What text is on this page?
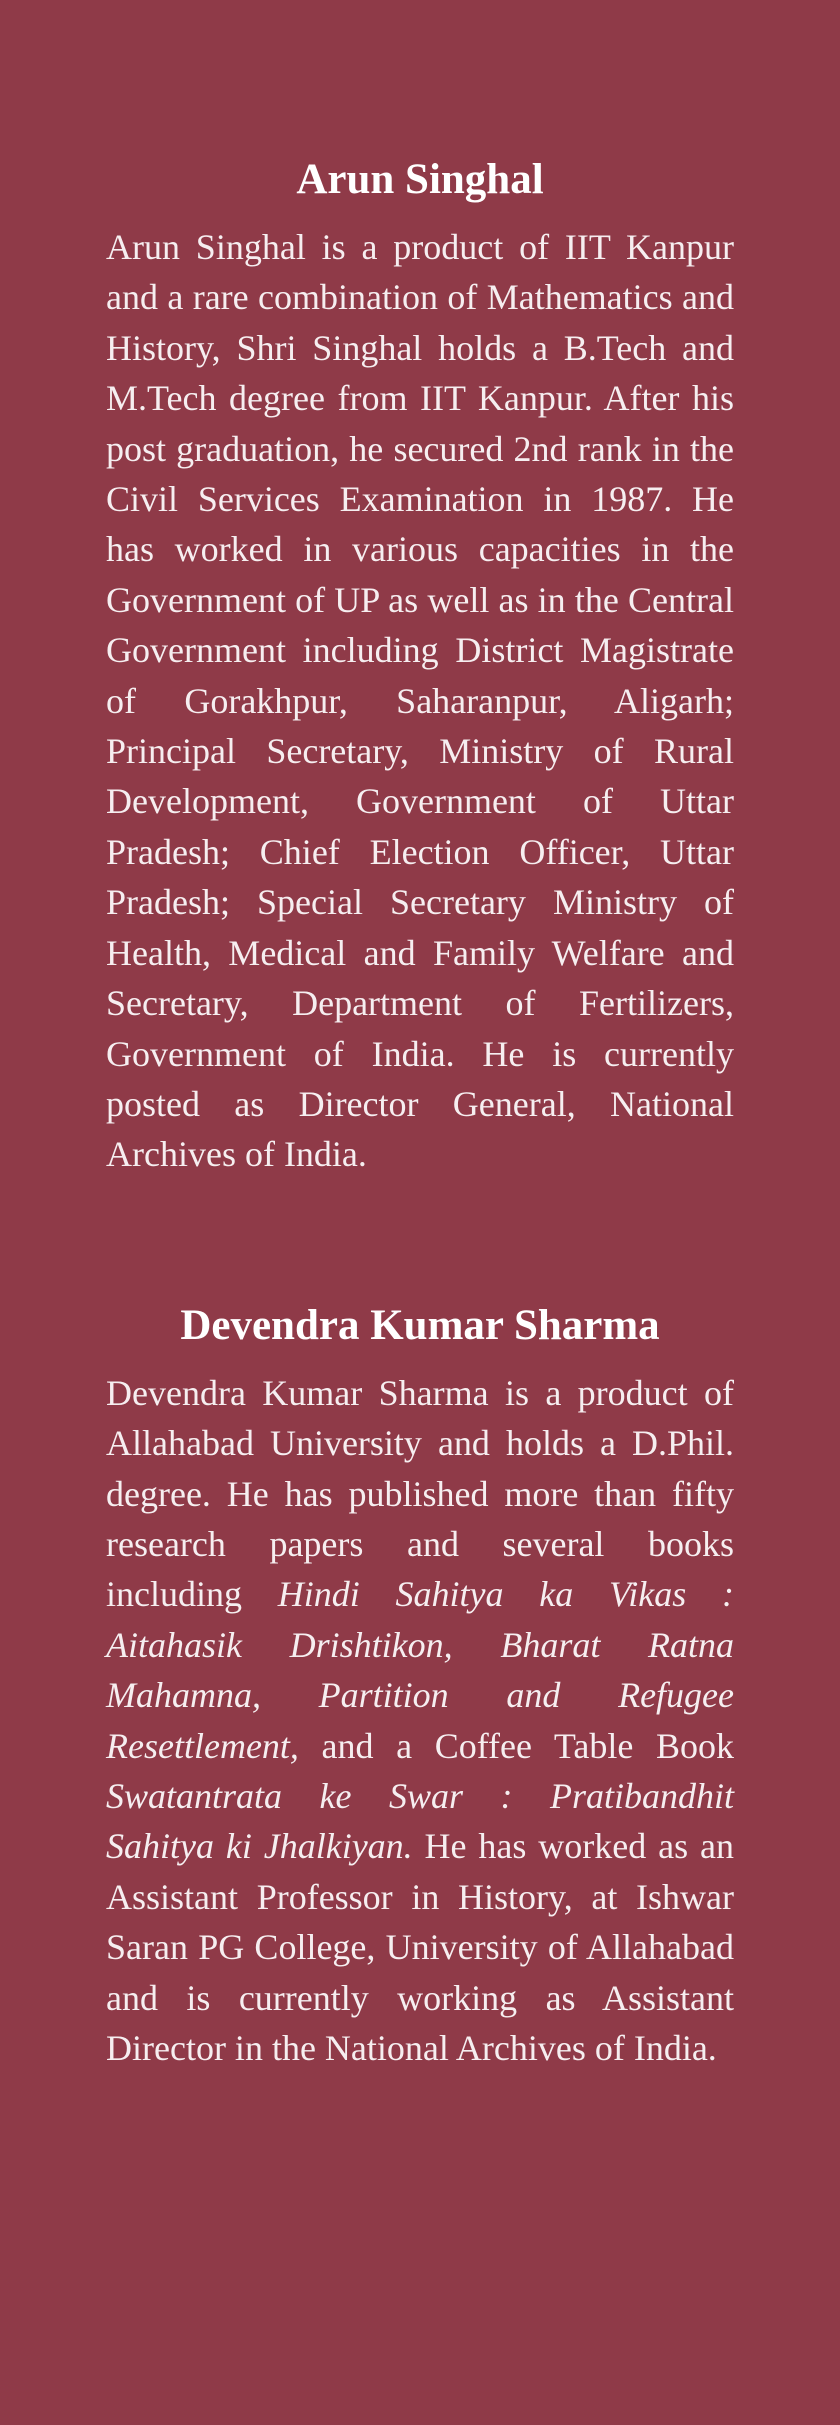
Arun Singhal

Arun Singhal is a product of IIT Kanpur and a rare combination of Mathematics and History, Shri Singhal holds a B.Tech and M.Tech degree from IIT Kanpur. After his post graduation, he secured 2nd rank in the Civil Services Examination in 1987. He has worked in various capacities in the Government of UP as well as in the Central Government including District Magistrate of Gorakhpur, Saharanpur, Aligarh; Principal Secretary, Ministry of Rural Development, Government of Uttar Pradesh; Chief Election Officer, Uttar Pradesh; Special Secretary Ministry of Health, Medical and Family Welfare and Secretary, Department of Fertilizers, Government of India. He is currently posted as Director General, National Archives of India.

Devendra Kumar Sharma

Devendra Kumar Sharma is a product of Allahabad University and holds a D.Phil. degree. He has published more than fifty research papers and several books including Hindi Sahitya ka Vikas : Aitahasik Drishtikon, Bharat Ratna Mahamna, Partition and Refugee Resettlement, and a Coffee Table Book Swatantrata ke Swar : Pratibandhit Sahitya ki Jhalkiyan. He has worked as an Assistant Professor in History, at Ishwar Saran PG College, University of Allahabad and is currently working as Assistant Director in the National Archives of India.
